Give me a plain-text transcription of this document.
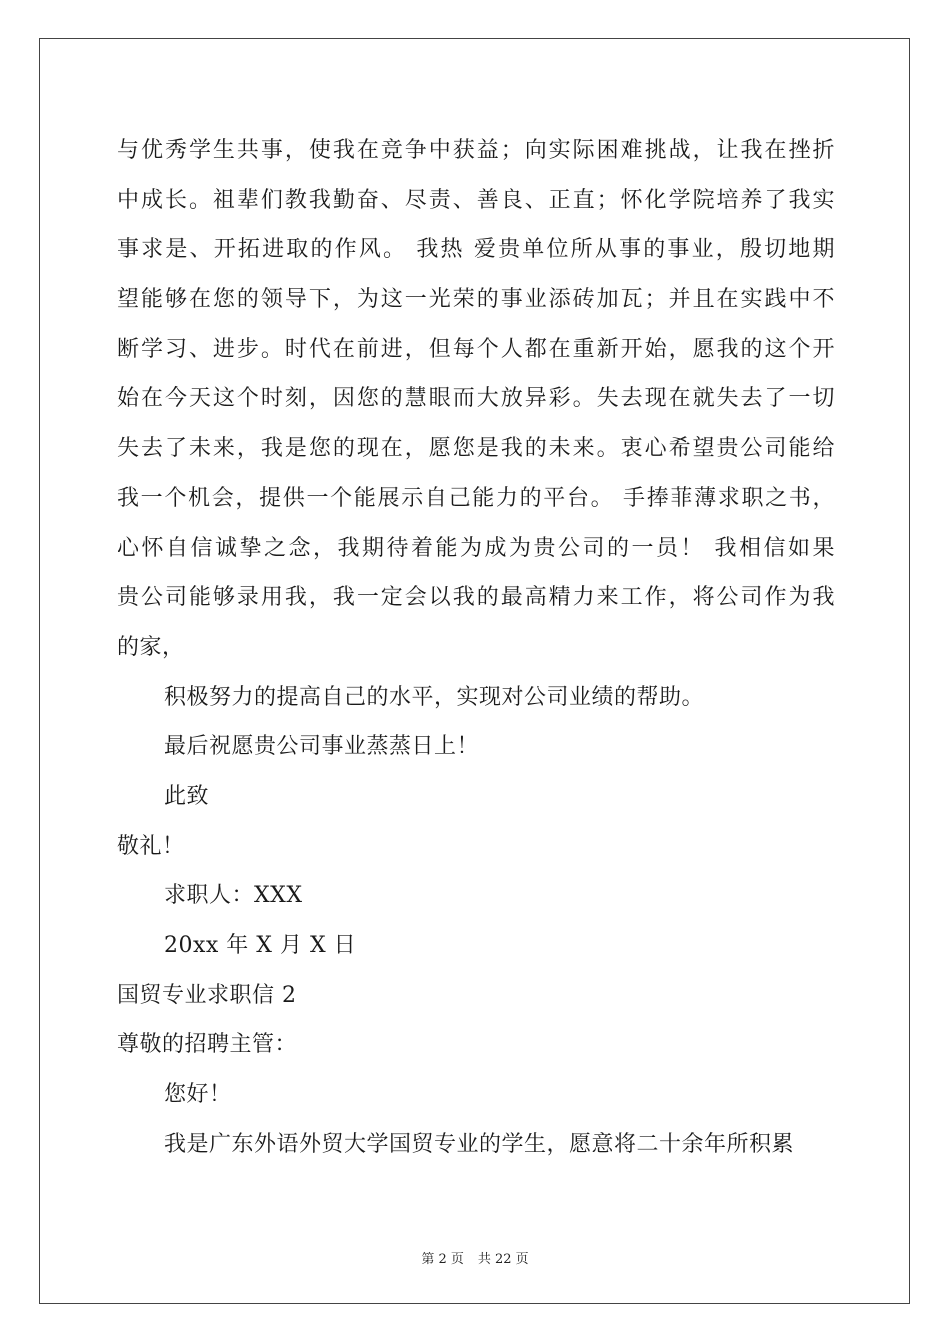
与优秀学生共事，使我在竞争中获益；向实际困难挑战，让我在挫折
中成长。祖辈们教我勤奋、尽责、善良、正直；怀化学院培养了我实
事求是、开拓进取的作风。 我热 爱贵单位所从事的事业，殷切地期
望能够在您的领导下，为这一光荣的事业添砖加瓦；并且在实践中不
断学习、进步。时代在前进，但每个人都在重新开始，愿我的这个开
始在今天这个时刻，因您的慧眼而大放异彩。失去现在就失去了一切
失去了未来，我是您的现在，愿您是我的未来。衷心希望贵公司能给
我一个机会，提供一个能展示自己能力的平台。 手捧菲薄求职之书，
心怀自信诚挚之念，我期待着能为成为贵公司的一员！ 我相信如果
贵公司能够录用我，我一定会以我的最高精力来工作，将公司作为我
的家，
积极努力的提高自己的水平，实现对公司业绩的帮助。
最后祝愿贵公司事业蒸蒸日上！
此致
敬礼！
求职人：XXX
20xx 年 X 月 X 日
国贸专业求职信 2
尊敬的招聘主管：
您好！
我是广东外语外贸大学国贸专业的学生，愿意将二十余年所积累
第 2 页 共 22 页
